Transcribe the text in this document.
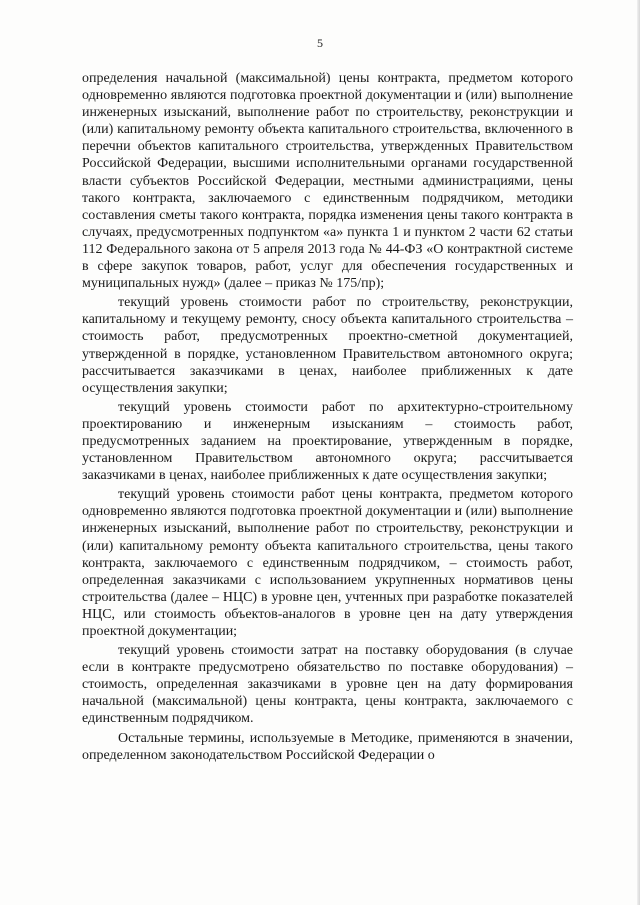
5

определения начальной (максимальной) цены контракта, предметом которого одновременно являются подготовка проектной документации и (или) выполнение инженерных изысканий, выполнение работ по строительству, реконструкции и (или) капитальному ремонту объекта капитального строительства, включенного в перечни объектов капитального строительства, утвержденных Правительством Российской Федерации, высшими исполнительными органами государственной власти субъектов Российской Федерации, местными администрациями, цены такого контракта, заключаемого с единственным подрядчиком, методики составления сметы такого контракта, порядка изменения цены такого контракта в случаях, предусмотренных подпунктом «а» пункта 1 и пунктом 2 части 62 статьи 112 Федерального закона от 5 апреля 2013 года № 44-ФЗ «О контрактной системе в сфере закупок товаров, работ, услуг для обеспечения государственных и муниципальных нужд» (далее – приказ № 175/пр);

текущий уровень стоимости работ по строительству, реконструкции, капитальному и текущему ремонту, сносу объекта капитального строительства – стоимость работ, предусмотренных проектно-сметной документацией, утвержденной в порядке, установленном Правительством автономного округа; рассчитывается заказчиками в ценах, наиболее приближенных к дате осуществления закупки;

текущий уровень стоимости работ по архитектурно-строительному проектированию и инженерным изысканиям – стоимость работ, предусмотренных заданием на проектирование, утвержденным в порядке, установленном Правительством автономного округа; рассчитывается заказчиками в ценах, наиболее приближенных к дате осуществления закупки;

текущий уровень стоимости работ цены контракта, предметом которого одновременно являются подготовка проектной документации и (или) выполнение инженерных изысканий, выполнение работ по строительству, реконструкции и (или) капитальному ремонту объекта капитального строительства, цены такого контракта, заключаемого с единственным подрядчиком, – стоимость работ, определенная заказчиками с использованием укрупненных нормативов цены строительства (далее – НЦС) в уровне цен, учтенных при разработке показателей НЦС, или стоимость объектов-аналогов в уровне цен на дату утверждения проектной документации;

текущий уровень стоимости затрат на поставку оборудования (в случае если в контракте предусмотрено обязательство по поставке оборудования) – стоимость, определенная заказчиками в уровне цен на дату формирования начальной (максимальной) цены контракта, цены контракта, заключаемого с единственным подрядчиком.

Остальные термины, используемые в Методике, применяются в значении, определенном законодательством Российской Федерации о
